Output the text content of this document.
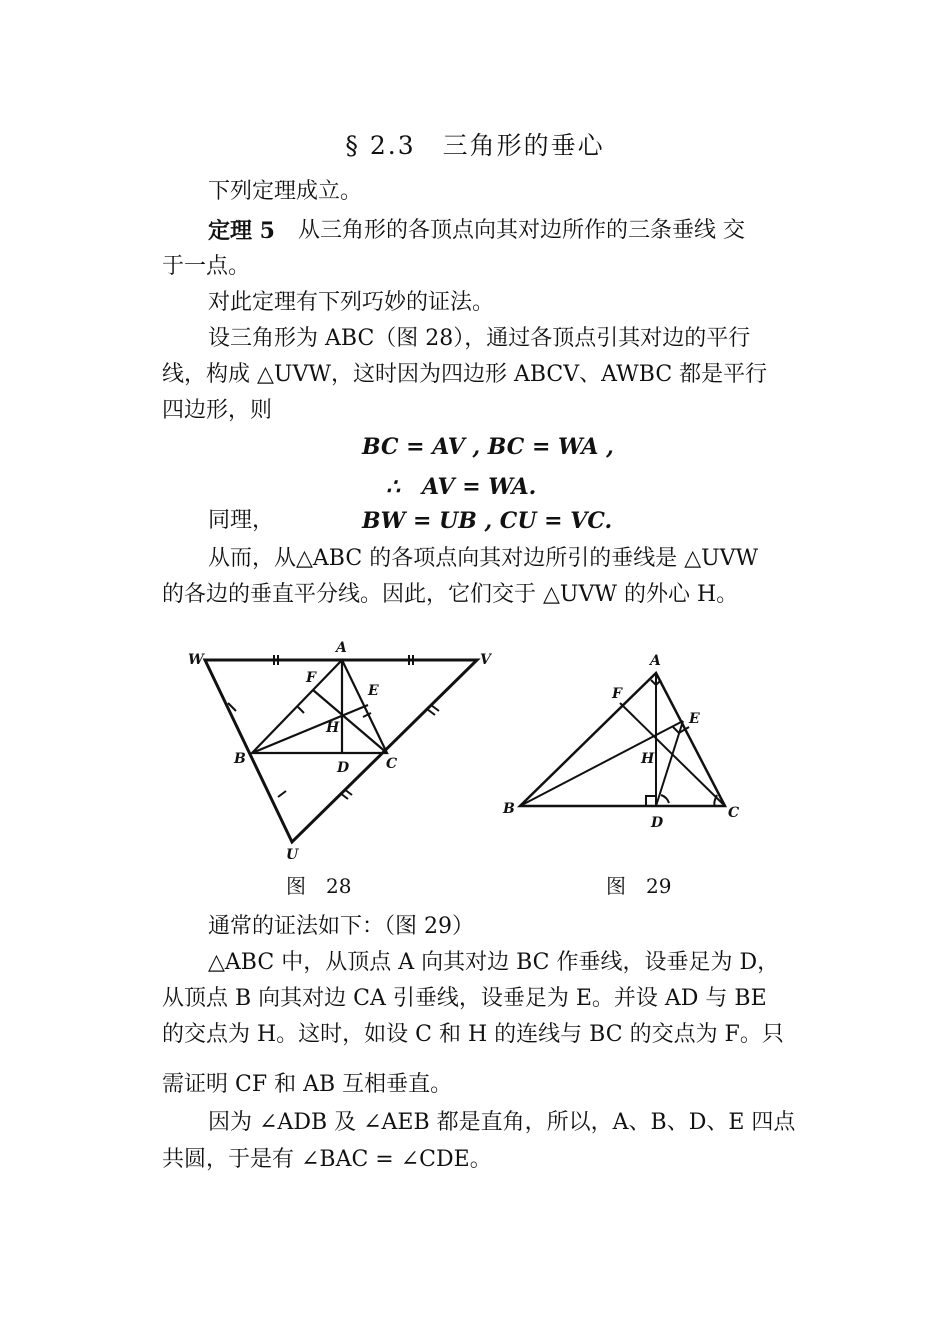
§ 2.3　三角形的垂心
下列定理成立。
定理 5 从三角形的各顶点向其对边所作的三条垂线 交
于一点。
对此定理有下列巧妙的证法。
设三角形为 ABC（图 28），通过各顶点引其对边的平行
线，构成 △UVW，这时因为四边形 ABCV、AWBC 都是平行
四边形，则
BC = AV , BC = WA ,
∴　AV = WA.
同理，	BW = UB , CU = VC.
从而，从△ABC 的各项点向其对边所引的垂线是 △UVW
的各边的垂直平分线。因此，它们交于 △UVW 的外心 H。
W
A
V
F
E
H
B
D	C
U
图　28
A
F
E
H
B
D
C
图　29
通常的证法如下：（图 29）
△ABC 中，从顶点 A 向其对边 BC 作垂线，设垂足为 D，
从顶点 B 向其对边 CA 引垂线，设垂足为 E。并设 AD 与 BE
的交点为 H。这时，如设 C 和 H 的连线与 BC 的交点为 F。只
需证明 CF 和 AB 互相垂直。
因为 ∠ADB 及 ∠AEB 都是直角，所以，A、B、D、E 四点
共圆，于是有 ∠BAC = ∠CDE。
